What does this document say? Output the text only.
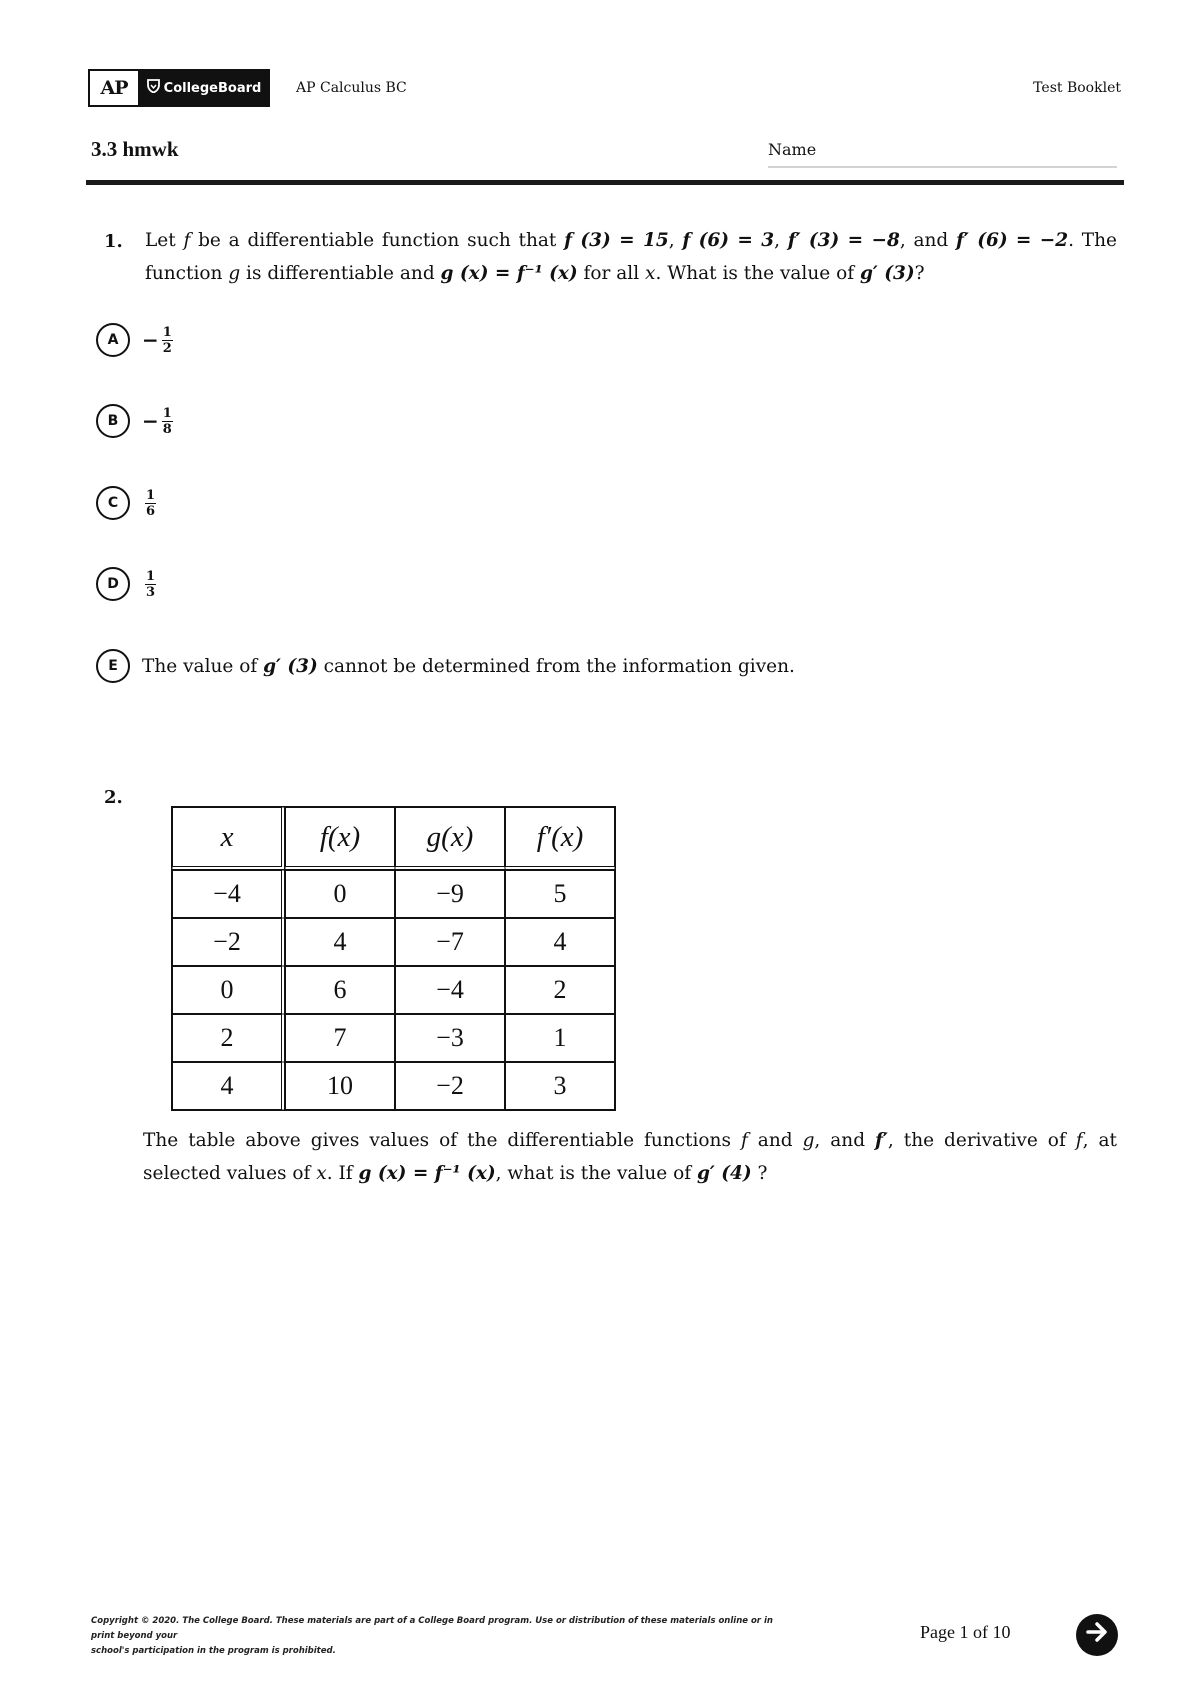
AP	CollegeBoard AP Calculus BC	Test Booklet
3.3 hmwk	Name
1. Let f be a differentiable function such that f (3) = 15, f (6) = 3, f′ (3) = −8, and f′ (6) = −2. The function g is differentiable and g (x) = f⁻¹ (x) for all x. What is the value of g′ (3)?
A	− $\frac{1}{2}$
B	− $\frac{1}{8}$
C	$\frac{1}{6}$
D	$\frac{1}{3}$
E	The value of g′ (3) cannot be determined from the information given.
2.
x	f(x)	g(x)	f′(x)
−4	0	−9	5
−2	4	−7	4
0	6	−4	2
2	7	−3	1
4	10	−2	3
The table above gives values of the differentiable functions f and g, and f′, the derivative of f, at selected values of x. If g (x) = f⁻¹ (x), what is the value of g′ (4) ?
Copyright © 2020. The College Board. These materials are part of a College Board program. Use or distribution of these materials online or in print beyond your
school's participation in the program is prohibited.
Page 1 of 10
